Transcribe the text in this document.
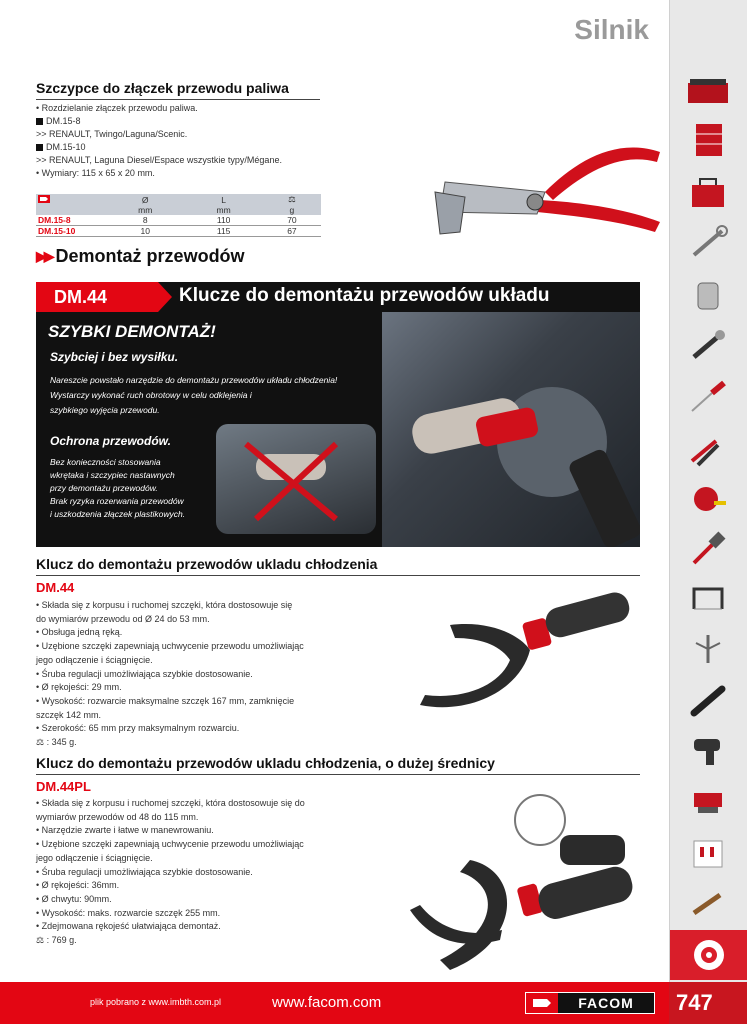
Silnik
Szczypce do złączek przewodu paliwa
• Rozdzielanie złączek przewodu paliwa.
DM.15-8
>> RENAULT, Twingo/Laguna/Scenic.
DM.15-10
>> RENAULT, Laguna Diesel/Espace wszystkie typy/Mégane.
• Wymiary: 115 x 65 x 20 mm.
	Ø	L	⚖
	mm	mm	g
DM.15-8	8	110	70
DM.15-10	10	115	67
▶▶ Demontaż przewodów
DM.44	Klucze do demontażu przewodów układu
SZYBKI DEMONTAŻ!
Szybciej i bez wysiłku.
Nareszcie powstało narzędzie do demontażu przewodów układu chłodzenia!
Wystarczy wykonać ruch obrotowy w celu odklejenia i
szybkiego wyjęcia przewodu.
Ochrona przewodów.
Bez konieczności stosowania
wkrętaka i szczypiec nastawnych
przy demontażu przewodów.
Brak ryzyka rozerwania przewodów
i uszkodzenia złączek plastikowych.
Klucz do demontażu przewodów ukladu chłodzenia
DM.44
• Składa się z korpusu i ruchomej szczęki, która dostosowuje się
do wymiarów przewodu od Ø 24 do 53 mm.
• Obsługa jedną ręką.
• Uzębione szczęki zapewniają uchwycenie przewodu umożliwiając
jego odłączenie i ściągnięcie.
• Śruba regulacji umożliwiająca szybkie dostosowanie.
• Ø rękojeści: 29 mm.
• Wysokość: rozwarcie maksymalne szczęk 167 mm, zamknięcie
szczęk 142 mm.
• Szerokość: 65 mm przy maksymalnym rozwarciu.
⚖ : 345 g.
Klucz do demontażu przewodów ukladu chłodzenia, o dużeȷ średnicy
DM.44PL
• Składa się z korpusu i ruchomej szczęki, która dostosowuje się do
wymiarów przewodów od 48 do 115 mm.
• Narzędzie zwarte i łatwe w manewrowaniu.
• Uzębione szczęki zapewniają uchwycenie przewodu umożliwiając
jego odłączenie i ściągnięcie.
• Śruba regulacji umożliwiająca szybkie dostosowanie.
• Ø rękojeści: 36mm.
• Ø chwytu: 90mm.
• Wysokość: maks. rozwarcie szczęk 255 mm.
• Zdejmowana rękojeść ułatwiająca demontaż.
⚖ : 769 g.
plik pobrano z www.imbth.com.pl	www.facom.com	FACOM	747
